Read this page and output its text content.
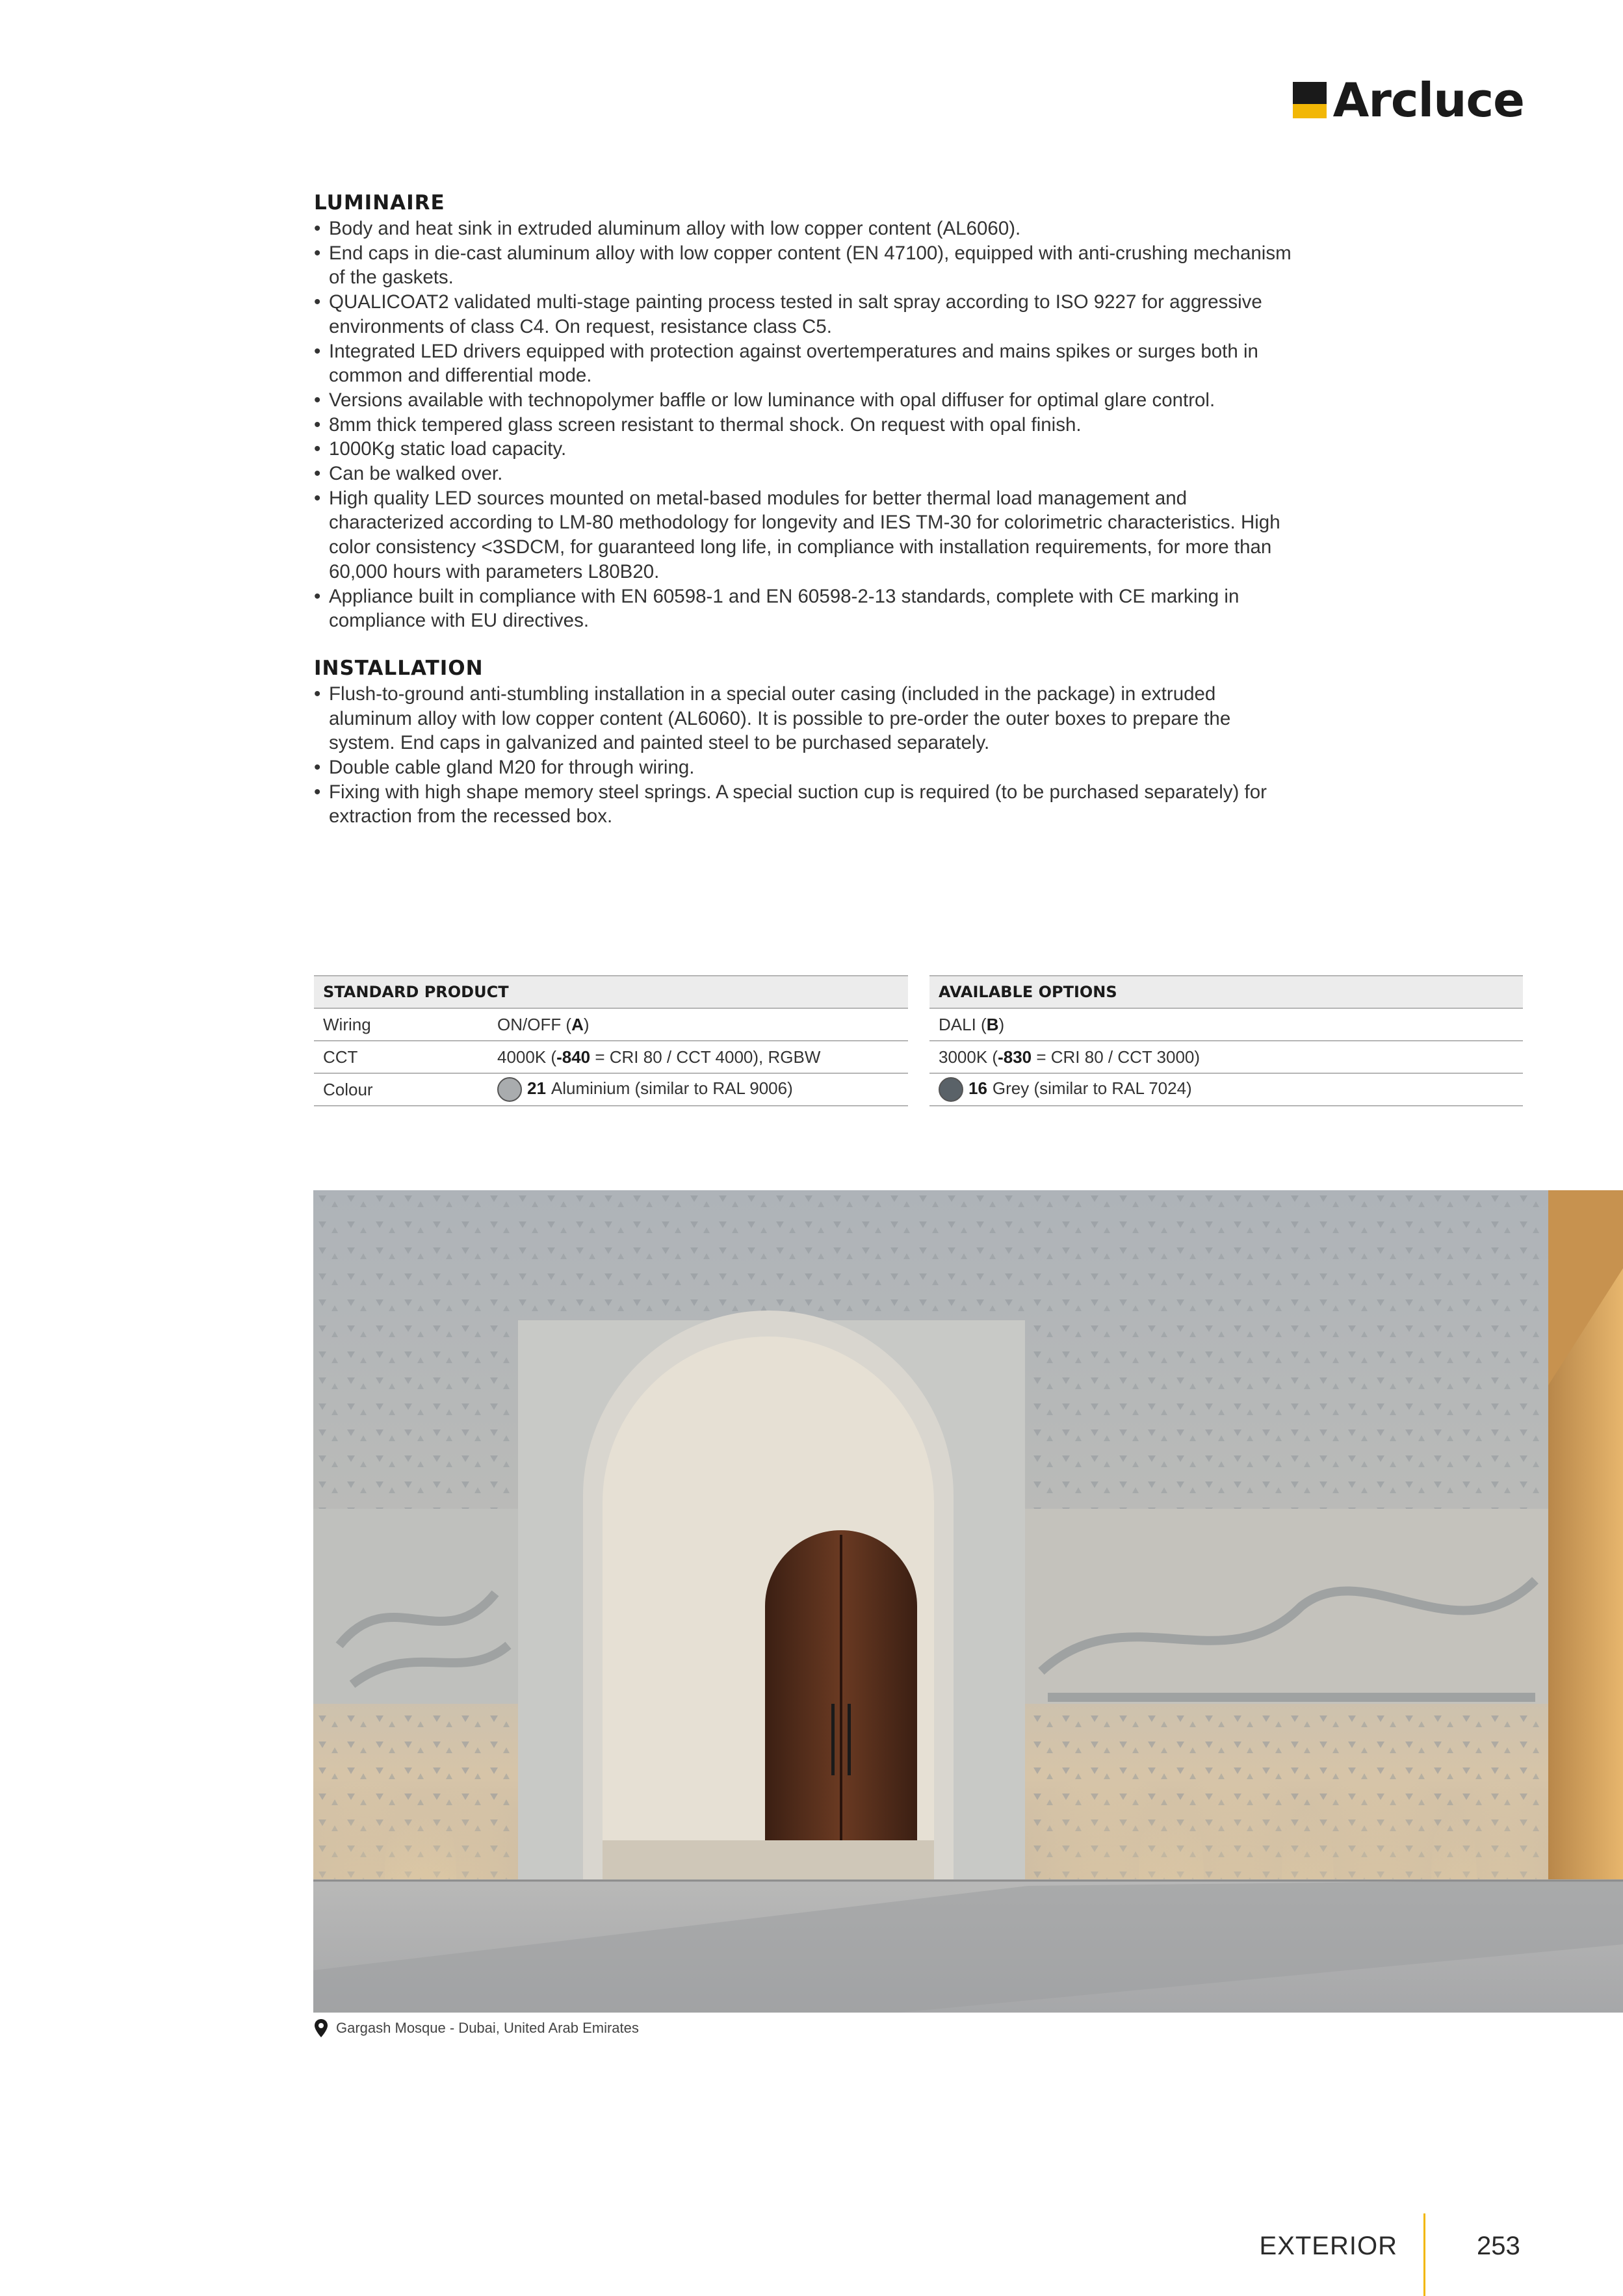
Arcluce
LUMINAIRE
• Body and heat sink in extruded aluminum alloy with low copper content (AL6060).
• End caps in die-cast aluminum alloy with low copper content (EN 47100), equipped with anti-crushing mechanism of the gaskets.
• QUALICOAT2 validated multi-stage painting process tested in salt spray according to ISO 9227 for aggressive environments of class C4. On request, resistance class C5.
• Integrated LED drivers equipped with protection against overtemperatures and mains spikes or surges both in common and differential mode.
• Versions available with technopolymer baffle or low luminance with opal diffuser for optimal glare control.
• 8mm thick tempered glass screen resistant to thermal shock. On request with opal finish.
• 1000Kg static load capacity.
• Can be walked over.
• High quality LED sources mounted on metal-based modules for better thermal load management and characterized according to LM-80 methodology for longevity and IES TM-30 for colorimetric characteristics. High color consistency <3SDCM, for guaranteed long life, in compliance with installation requirements, for more than 60,000 hours with parameters L80B20.
• Appliance built in compliance with EN 60598-1 and EN 60598-2-13 standards, complete with CE marking in compliance with EU directives.
INSTALLATION
• Flush-to-ground anti-stumbling installation in a special outer casing (included in the package) in extruded aluminum alloy with low copper content (AL6060). It is possible to pre-order the outer boxes to prepare the system. End caps in galvanized and painted steel to be purchased separately.
• Double cable gland M20 for through wiring.
• Fixing with high shape memory steel springs. A special suction cup is required (to be purchased separately) for extraction from the recessed box.
STANDARD PRODUCT	
Wiring	ON/OFF (A)
CCT	4000K (-840 = CRI 80 / CCT 4000), RGBW
Colour	21 Aluminium (similar to RAL 9006)
AVAILABLE OPTIONS
DALI (B)
3000K (-830 = CRI 80 / CCT 3000)
16 Grey (similar to RAL 7024)
Gargash Mosque - Dubai, United Arab Emirates
EXTERIOR	253
